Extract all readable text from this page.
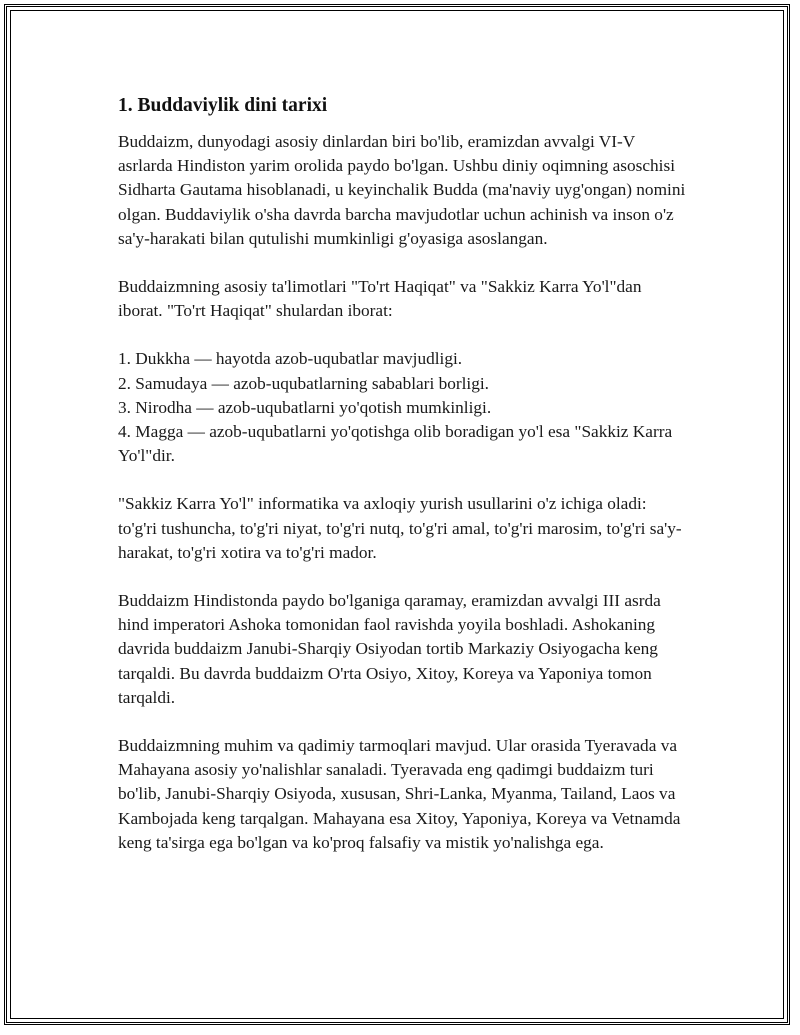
1. Buddaviylik dini tarixi

Buddaizm, dunyodagi asosiy dinlardan biri bo'lib, eramizdan avvalgi VI-V asrlarda Hindiston yarim orolida paydo bo'lgan. Ushbu diniy oqimning asoschisi Sidharta Gautama hisoblanadi, u keyinchalik Budda (ma'naviy uyg'ongan) nomini olgan. Buddaviylik o'sha davrda barcha mavjudotlar uchun achinish va inson o'z sa'y-harakati bilan qutulishi mumkinligi g'oyasiga asoslangan.

Buddaizmning asosiy ta'limotlari "To'rt Haqiqat" va "Sakkiz Karra Yo'l"dan iborat. "To'rt Haqiqat" shulardan iborat:

1. Dukkha — hayotda azob-uqubatlar mavjudligi.
2. Samudaya — azob-uqubatlarning sabablari borligi.
3. Nirodha — azob-uqubatlarni yo'qotish mumkinligi.
4. Magga — azob-uqubatlarni yo'qotishga olib boradigan yo'l esa "Sakkiz Karra Yo'l"dir.

"Sakkiz Karra Yo'l" informatika va axloqiy yurish usullarini o'z ichiga oladi: to'g'ri tushuncha, to'g'ri niyat, to'g'ri nutq, to'g'ri amal, to'g'ri marosim, to'g'ri sa'y-harakat, to'g'ri xotira va to'g'ri mador.

Buddaizm Hindistonda paydo bo'lganiga qaramay, eramizdan avvalgi III asrda hind imperatori Ashoka tomonidan faol ravishda yoyila boshladi. Ashokaning davrida buddaizm Janubi-Sharqiy Osiyodan tortib Markaziy Osiyogacha keng tarqaldi. Bu davrda buddaizm O'rta Osiyo, Xitoy, Koreya va Yaponiya tomon tarqaldi.

Buddaizmning muhim va qadimiy tarmoqlari mavjud. Ular orasida Tyeravada va Mahayana asosiy yo'nalishlar sanaladi. Tyeravada eng qadimgi buddaizm turi bo'lib, Janubi-Sharqiy Osiyoda, xususan, Shri-Lanka, Myanma, Tailand, Laos va Kambojada keng tarqalgan. Mahayana esa Xitoy, Yaponiya, Koreya va Vetnamda keng ta'sirga ega bo'lgan va ko'proq falsafiy va mistik yo'nalishga ega.
